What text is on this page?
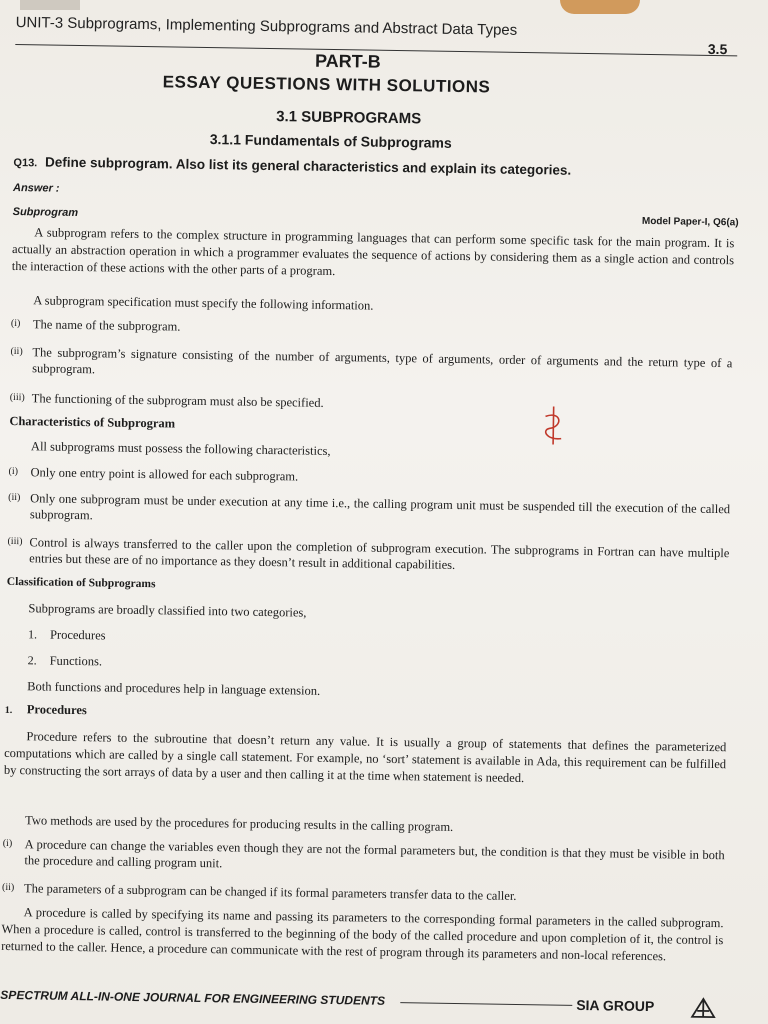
UNIT-3 Subprograms, Implementing Subprograms and Abstract Data Types
3.5
PART-B
ESSAY QUESTIONS WITH SOLUTIONS
3.1 SUBPROGRAMS
3.1.1 Fundamentals of Subprograms
Q13. Define subprogram. Also list its general characteristics and explain its categories.
Answer :
Model Paper-I, Q6(a)
Subprogram
A subprogram refers to the complex structure in programming languages that can perform some specific task for the main program. It is actually an abstraction operation in which a programmer evaluates the sequence of actions by considering them as a single action and controls the interaction of these actions with the other parts of a program.
A subprogram specification must specify the following information.
(i) The name of the subprogram.
(ii) The subprogram’s signature consisting of the number of arguments, type of arguments, order of arguments and the return type of a subprogram.
(iii) The functioning of the subprogram must also be specified.
Characteristics of Subprogram
All subprograms must possess the following characteristics,
(i) Only one entry point is allowed for each subprogram.
(ii) Only one subprogram must be under execution at any time i.e., the calling program unit must be suspended till the execution of the called subprogram.
(iii) Control is always transferred to the caller upon the completion of subprogram execution. The subprograms in Fortran can have multiple entries but these are of no importance as they doesn’t result in additional capabilities.
Classification of Subprograms
Subprograms are broadly classified into two categories,
1.	Procedures
2.	Functions.
Both functions and procedures help in language extension.
1. Procedures
Procedure refers to the subroutine that doesn’t return any value. It is usually a group of statements that defines the parameterized computations which are called by a single call statement. For example, no ‘sort’ statement is available in Ada, this requirement can be fulfilled by constructing the sort arrays of data by a user and then calling it at the time when statement is needed.
Two methods are used by the procedures for producing results in the calling program.
(i) A procedure can change the variables even though they are not the formal parameters but, the condition is that they must be visible in both the procedure and calling program unit.
(ii) The parameters of a subprogram can be changed if its formal parameters transfer data to the caller.
A procedure is called by specifying its name and passing its parameters to the corresponding formal parameters in the called subprogram. When a procedure is called, control is transferred to the beginning of the body of the called procedure and upon completion of it, the control is returned to the caller. Hence, a procedure can communicate with the rest of program through its parameters and non-local references.
SPECTRUM ALL-IN-ONE JOURNAL FOR ENGINEERING STUDENTS	SIA GROUP
